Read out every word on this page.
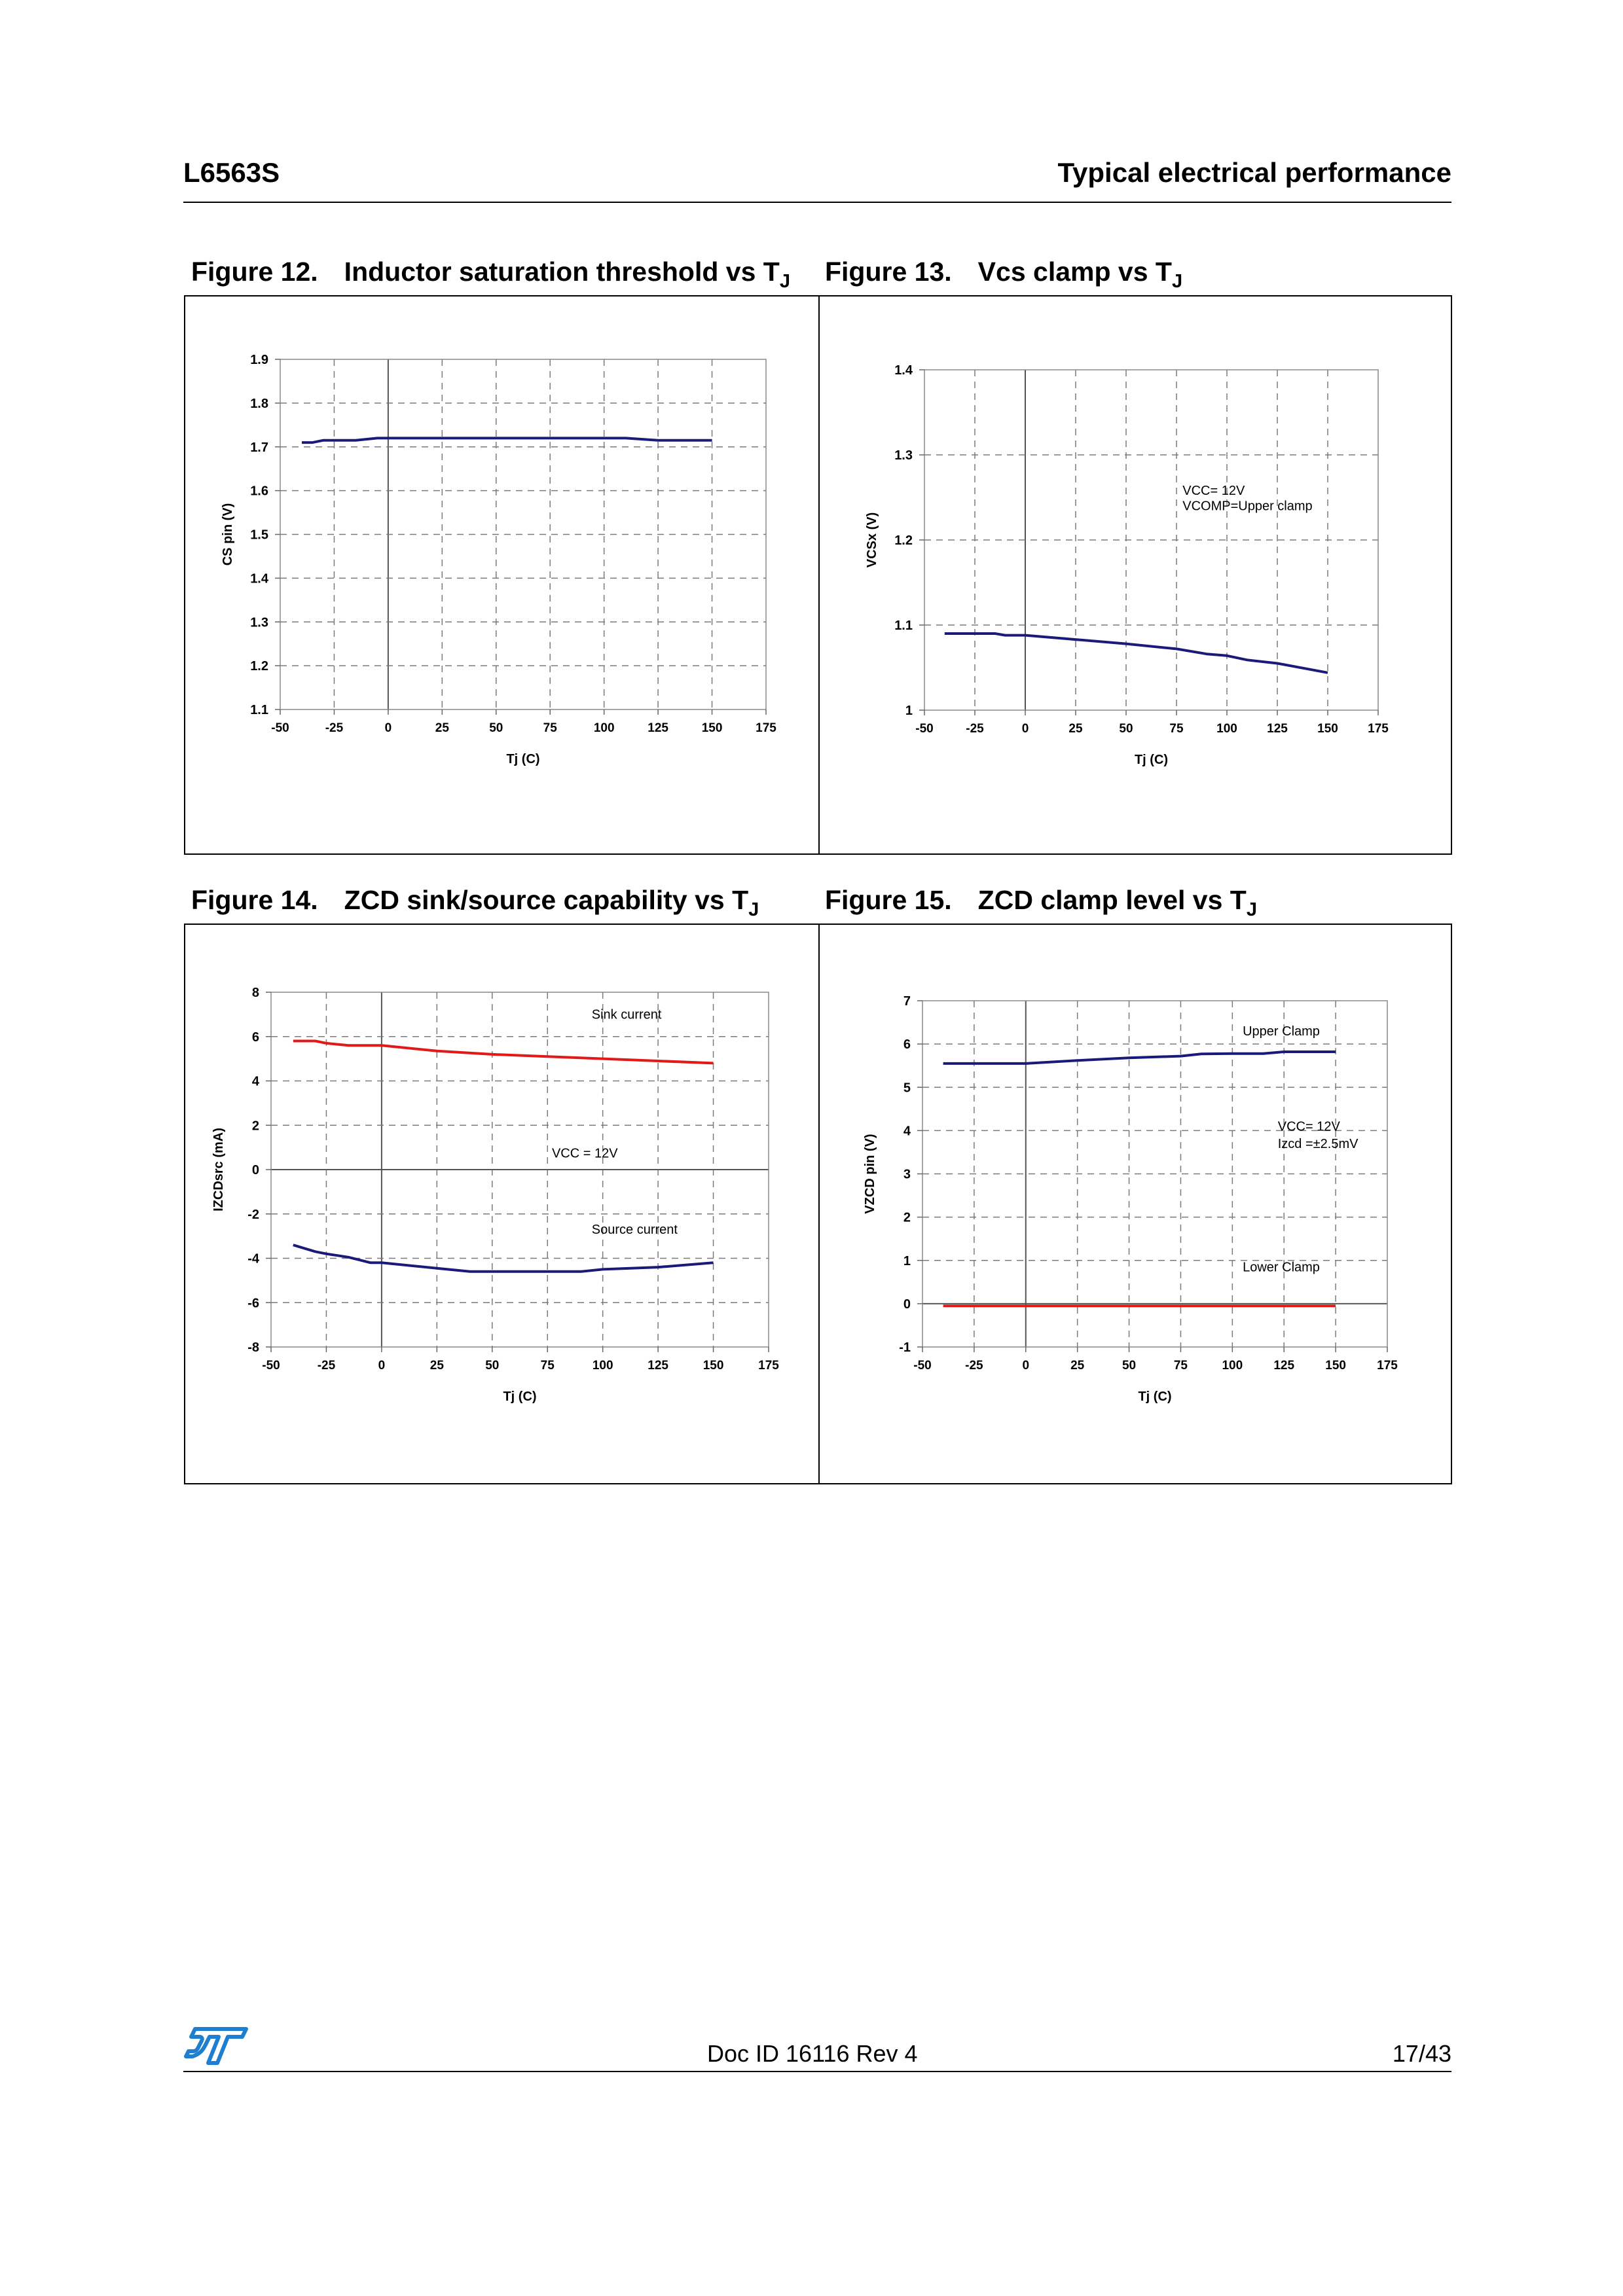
L6563S	Typical electrical performance
Figure 12. Inductor saturation threshold vs $T_J$ Figure 13. Vcs clamp vs $T_J$
Figure 14. ZCD sink/source capability vs $T_J$ Figure 15. ZCD clamp level vs $T_J$
-50	-25	0	25	50	75	100	125	150	175
1.1
1.2
1.3
1.4
1.5
1.6
1.7
1.8
1.9
Tj (C)
CS pin (V)
-50	-25	0	25	50	75	100 125 150 175
1
1.1
1.2
1.3
1.4
Tj (C)
VCSx (V)
VCC= 12V
VCOMP=Upper clamp
-50	-25	0	25	50	75	100	125	150	175
-8
-6
-4
-2
0
2
4
6
8
Tj (C)
IZCDsrc (mA)
Sink current
VCC = 12V
Source current
-50	-25	0	25	50	75	100 125 150 175
-1
0
1
2
3
4
5
6
7
Tj (C)
VZCD pin (V)
Upper Clamp
VCC= 12V
Izcd =±2.5mV
Lower Clamp
Doc ID 16116 Rev 4	17/43
